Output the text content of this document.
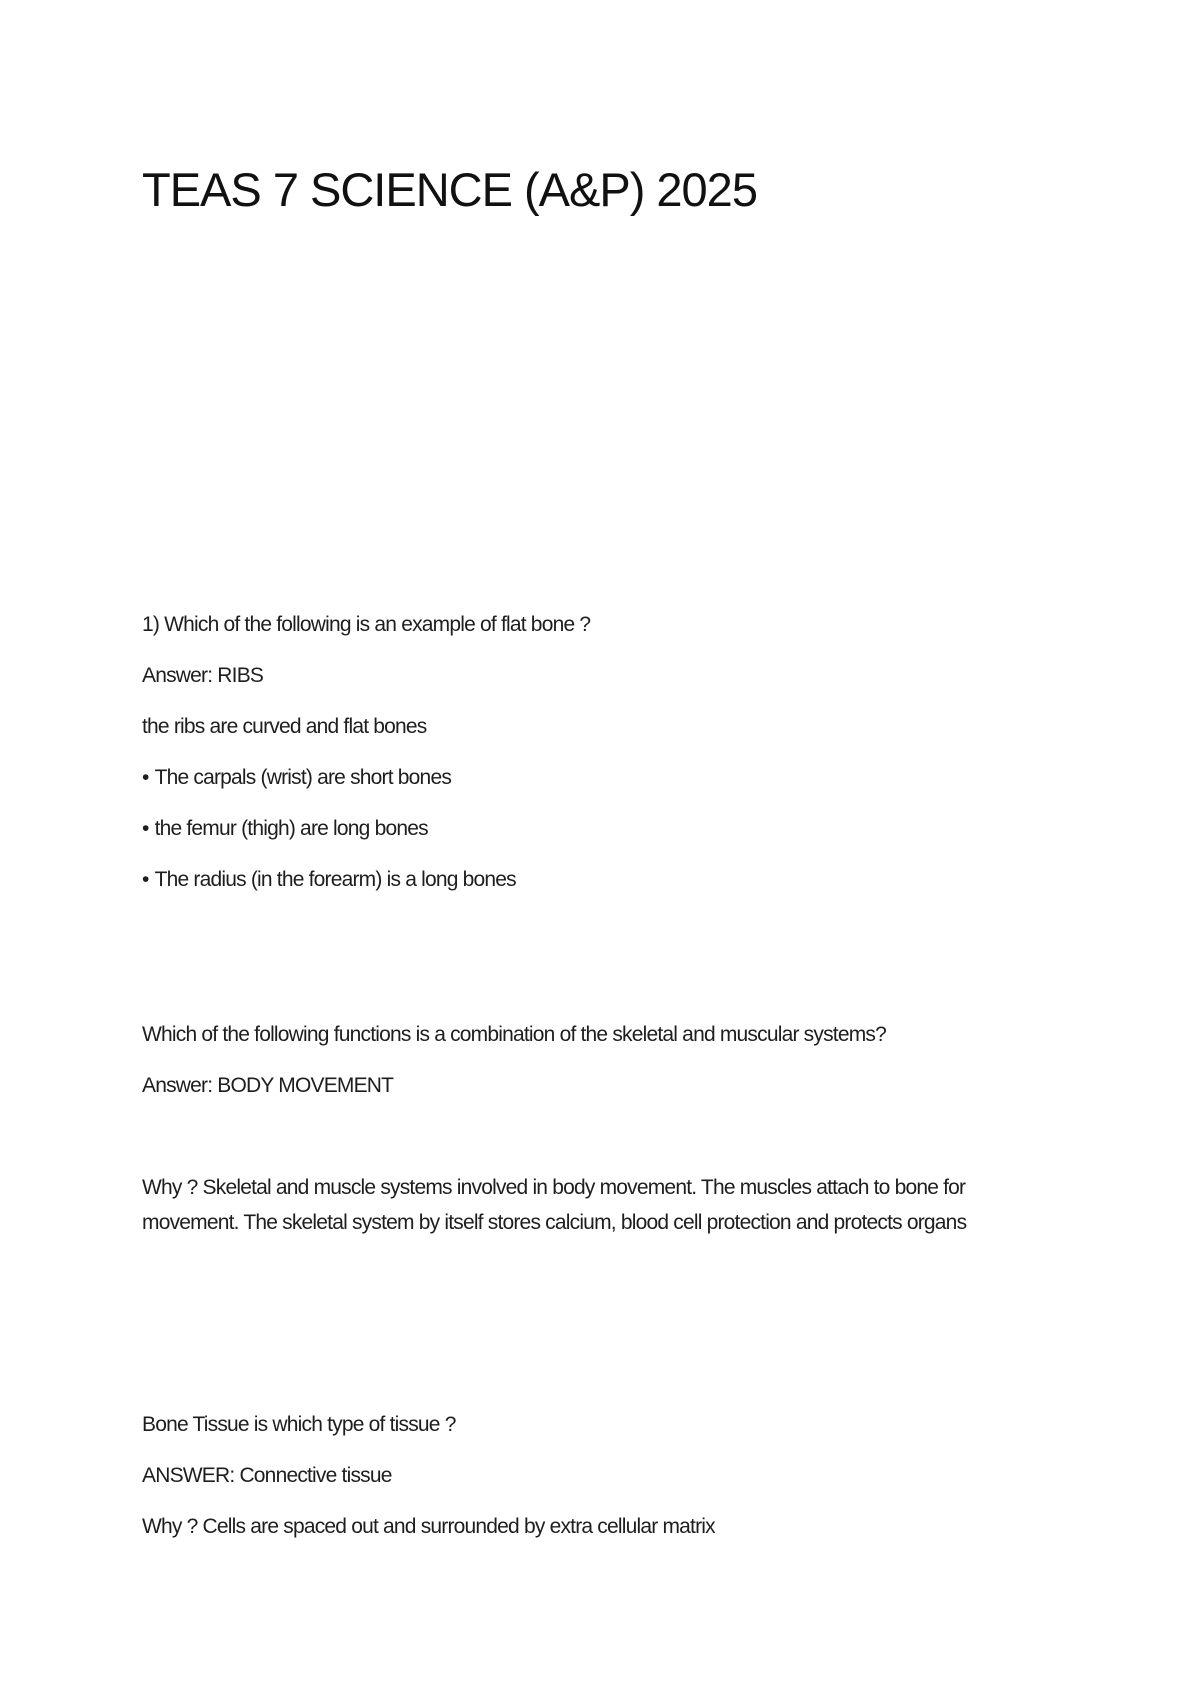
TEAS 7 SCIENCE (A&P) 2025

1) Which of the following is an example of flat bone ?

Answer: RIBS

the ribs are curved and flat bones

• The carpals (wrist) are short bones

• the femur (thigh) are long bones

• The radius (in the forearm) is a long bones

Which of the following functions is a combination of the skeletal and muscular systems?

Answer: BODY MOVEMENT

Why ? Skeletal and muscle systems involved in body movement. The muscles attach to bone for

movement. The skeletal system by itself stores calcium, blood cell protection and protects organs

Bone Tissue is which type of tissue ?

ANSWER: Connective tissue

Why ? Cells are spaced out and surrounded by extra cellular matrix
